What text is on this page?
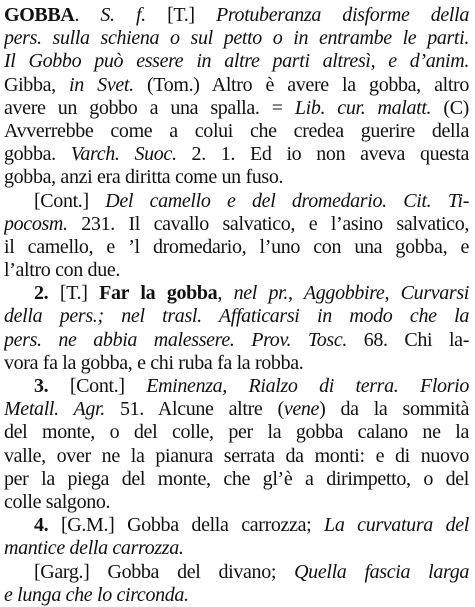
GOBBA. S. f. [T.] Protuberanza disforme della
pers. sulla schiena o sul petto o in entrambe le parti.
Il Gobbo può essere in altre parti altresì, e d’anim.
Gibba, in Svet. (Tom.) Altro è avere la gobba, altro
avere un gobbo a una spalla. = Lib. cur. malatt. (C)
Avverrebbe come a colui che credea guerire della
gobba. Varch. Suoc. 2. 1. Ed io non aveva questa
gobba, anzi era diritta come un fuso.
[Cont.] Del camello e del dromedario. Cit. Ti-
pocosm. 231. Il cavallo salvatico, e l’asino salvatico,
il camello, e ’l dromedario, l’uno con una gobba, e
l’altro con due.
2. [T.] Far la gobba, nel pr., Aggobbire, Curvarsi
della pers.; nel trasl. Affaticarsi in modo che la
pers. ne abbia malessere. Prov. Tosc. 68. Chi la-
vora fa la gobba, e chi ruba fa la robba.
3. [Cont.] Eminenza, Rialzo di terra. Florio
Metall. Agr. 51. Alcune altre (vene) da la sommità
del monte, o del colle, per la gobba calano ne la
valle, over ne la pianura serrata da monti: e di nuovo
per la piega del monte, che gl’è a dirimpetto, o del
colle salgono.
4. [G.M.] Gobba della carrozza; La curvatura del
mantice della carrozza.
[Garg.] Gobba del divano; Quella fascia larga
e lunga che lo circonda.
